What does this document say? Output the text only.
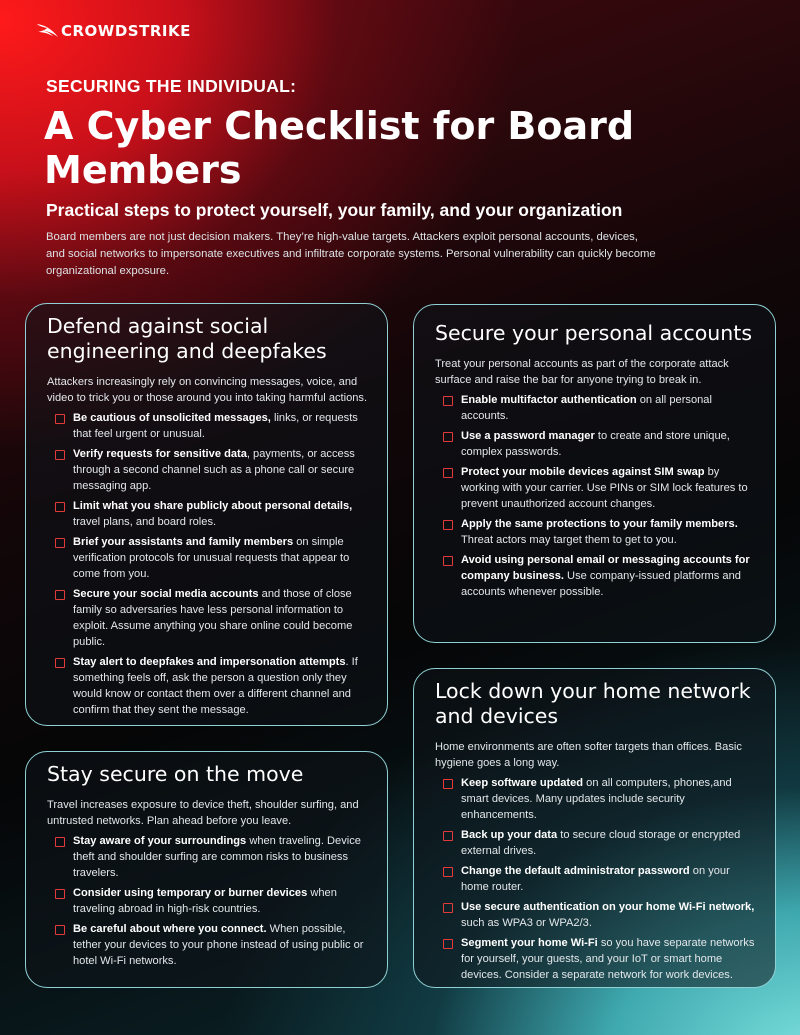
CROWDSTRIKE
SECURING THE INDIVIDUAL:
A Cyber Checklist for Board Members
Practical steps to protect yourself, your family, and your organization
Board members are not just decision makers. They’re high-value targets. Attackers exploit personal accounts, devices, and social networks to impersonate executives and infiltrate corporate systems. Personal vulnerability can quickly become organizational exposure.
Defend against social engineering and deepfakes
Attackers increasingly rely on convincing messages, voice, and video to trick you or those around you into taking harmful actions.
Be cautious of unsolicited messages, links, or requests that feel urgent or unusual.
Verify requests for sensitive data, payments, or access through a second channel such as a phone call or secure messaging app.
Limit what you share publicly about personal details, travel plans, and board roles.
Brief your assistants and family members on simple verification protocols for unusual requests that appear to come from you.
Secure your social media accounts and those of close family so adversaries have less personal information to exploit. Assume anything you share online could become public.
Stay alert to deepfakes and impersonation attempts. If something feels off, ask the person a question only they would know or contact them over a different channel and confirm that they sent the message.
Secure your personal accounts
Treat your personal accounts as part of the corporate attack surface and raise the bar for anyone trying to break in.
Enable multifactor authentication on all personal accounts.
Use a password manager to create and store unique, complex passwords.
Protect your mobile devices against SIM swap by working with your carrier. Use PINs or SIM lock features to prevent unauthorized account changes.
Apply the same protections to your family members. Threat actors may target them to get to you.
Avoid using personal email or messaging accounts for company business. Use company-issued platforms and accounts whenever possible.
Stay secure on the move
Travel increases exposure to device theft, shoulder surfing, and untrusted networks. Plan ahead before you leave.
Stay aware of your surroundings when traveling. Device theft and shoulder surfing are common risks to business travelers.
Consider using temporary or burner devices when traveling abroad in high-risk countries.
Be careful about where you connect. When possible, tether your devices to your phone instead of using public or hotel Wi-Fi networks.
Lock down your home network and devices
Home environments are often softer targets than offices. Basic hygiene goes a long way.
Keep software updated on all computers, phones,and smart devices. Many updates include security enhancements.
Back up your data to secure cloud storage or encrypted external drives.
Change the default administrator password on your home router.
Use secure authentication on your home Wi-Fi network, such as WPA3 or WPA2/3.
Segment your home Wi-Fi so you have separate networks for yourself, your guests, and your IoT or smart home devices. Consider a separate network for work devices.
